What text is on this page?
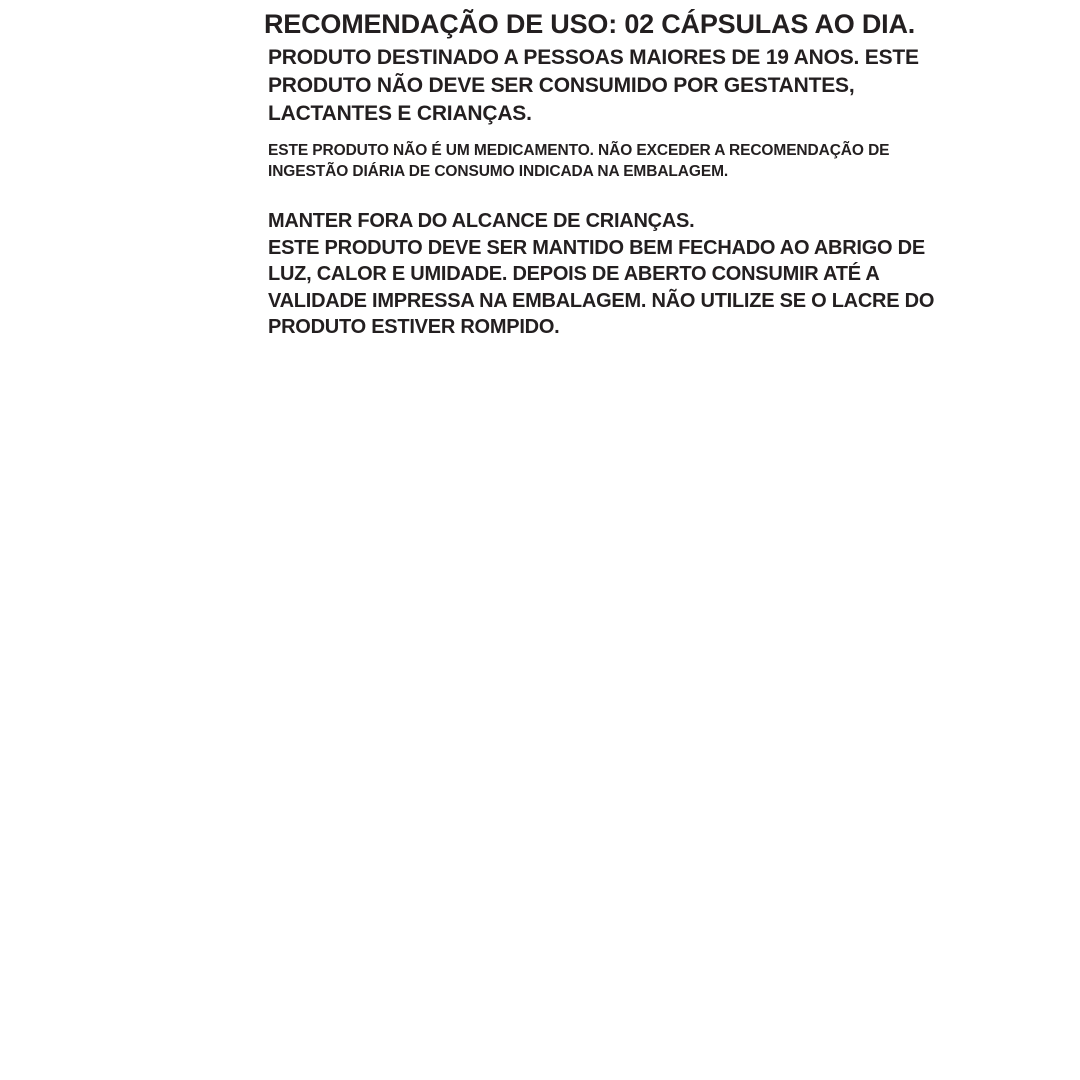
RECOMENDAÇÃO DE USO: 02 CÁPSULAS AO DIA.
PRODUTO DESTINADO A PESSOAS MAIORES DE 19 ANOS. ESTE
PRODUTO NÃO DEVE SER CONSUMIDO POR GESTANTES,
LACTANTES E CRIANÇAS.
ESTE PRODUTO NÃO É UM MEDICAMENTO. NÃO EXCEDER A RECOMENDAÇÃO DE
INGESTÃO DIÁRIA DE CONSUMO INDICADA NA EMBALAGEM.
MANTER FORA DO ALCANCE DE CRIANÇAS.
ESTE PRODUTO DEVE SER MANTIDO BEM FECHADO AO ABRIGO DE
LUZ, CALOR E UMIDADE. DEPOIS DE ABERTO CONSUMIR ATÉ A
VALIDADE IMPRESSA NA EMBALAGEM. NÃO UTILIZE SE O LACRE DO
PRODUTO ESTIVER ROMPIDO.
